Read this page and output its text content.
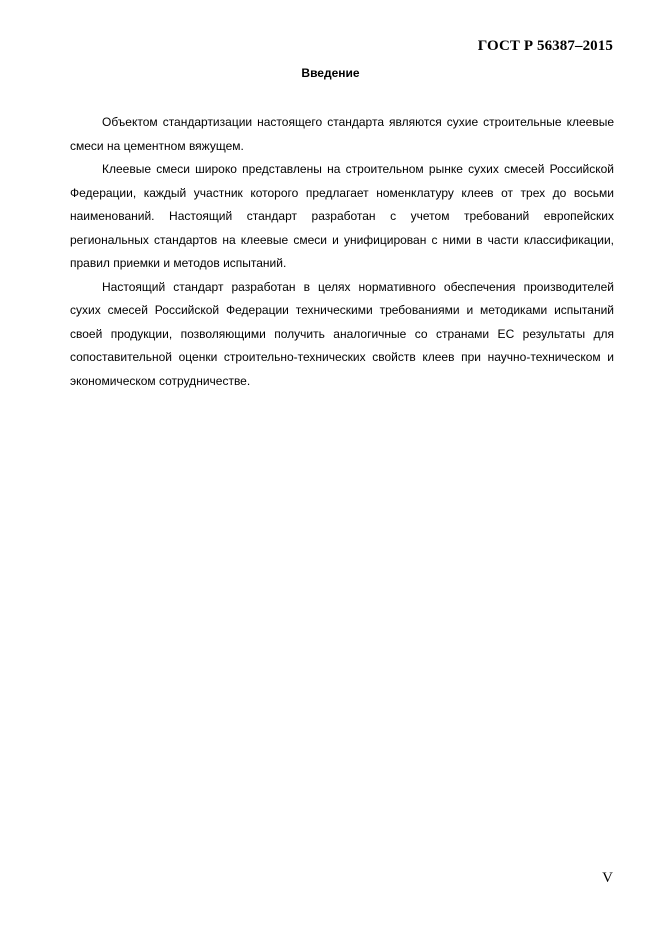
ГОСТ Р 56387–2015
Введение

Объектом стандартизации настоящего стандарта являются сухие строительные клеевые смеси на цементном вяжущем.

Клеевые смеси широко представлены на строительном рынке сухих смесей Российской Федерации, каждый участник которого предлагает номенклатуру клеев от трех до восьми наименований. Настоящий стандарт разработан с учетом требований европейских региональных стандартов на клеевые смеси и унифицирован с ними в части классификации, правил приемки и методов испытаний.

Настоящий стандарт разработан в целях нормативного обеспечения производителей сухих смесей Российской Федерации техническими требованиями и методиками испытаний своей продукции, позволяющими получить аналогичные со странами ЕС результаты для сопоставительной оценки строительно-технических свойств клеев при научно-техническом и экономическом сотрудничестве.

V
